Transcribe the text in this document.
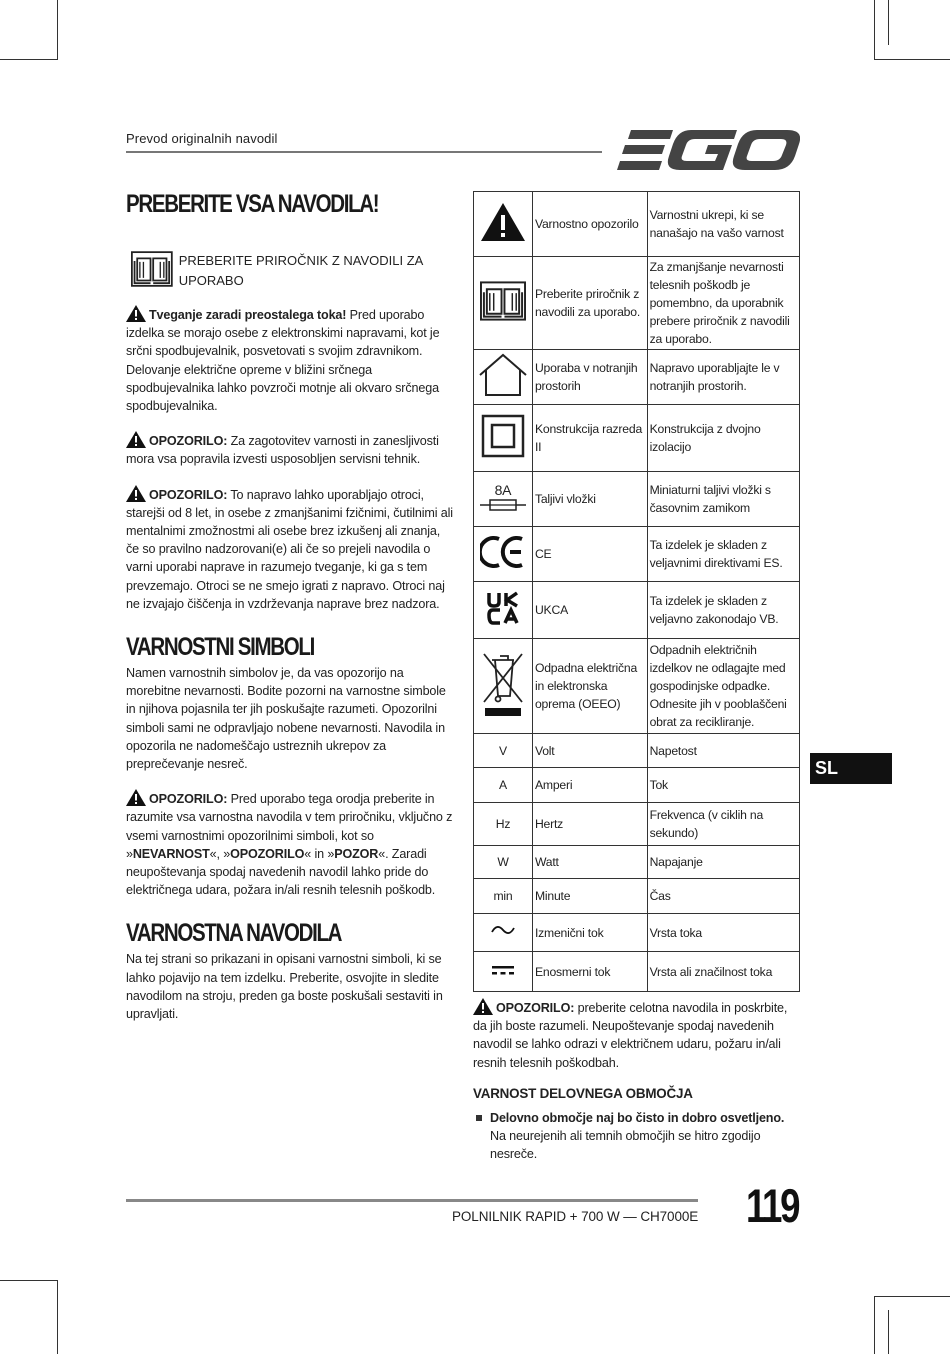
Prevod originalnih navodil
PREBERITE VSA NAVODILA!
PREBERITE PRIROČNIK Z NAVODILI ZA UPORABO

Tveganje zaradi preostalega toka! Pred uporabo izdelka se morajo osebe z elektronskimi napravami, kot je srčni spodbujevalnik, posvetovati s svojim zdravnikom. Delovanje električne opreme v bližini srčnega spodbujevalnika lahko povzroči motnje ali okvaro srčnega spodbujevalnika.

OPOZORILO: Za zagotovitev varnosti in zanesljivosti mora vsa popravila izvesti usposobljen servisni tehnik.

OPOZORILO: To napravo lahko uporabljajo otroci, starejši od 8 let, in osebe z zmanjšanimi fzičnimi, čutilnimi ali mentalnimi zmožnostmi ali osebe brez izkušenj ali znanja, če so pravilno nadzorovani(e) ali če so prejeli navodila o varni uporabi naprave in razumejo tveganje, ki ga s tem prevzemajo. Otroci se ne smejo igrati z napravo. Otroci naj ne izvajajo čiščenja in vzdrževanja naprave brez nadzora.

VARNOSTNI SIMBOLI

Namen varnostnih simbolov je, da vas opozorijo na morebitne nevarnosti. Bodite pozorni na varnostne simbole in njihova pojasnila ter jih poskušajte razumeti. Opozorilni simboli sami ne odpravljajo nobene nevarnosti. Navodila in opozorila ne nadomeščajo ustreznih ukrepov za preprečevanje nesreč.

OPOZORILO: Pred uporabo tega orodja preberite in razumite vsa varnostna navodila v tem priročniku, vključno z vsemi varnostnimi opozorilnimi simboli, kot so »NEVARNOST«, »OPOZORILO« in »POZOR«. Zaradi neupoštevanja spodaj navedenih navodil lahko pride do električnega udara, požara in/ali resnih telesnih poškodb.

VARNOSTNA NAVODILA

Na tej strani so prikazani in opisani varnostni simboli, ki se lahko pojavijo na tem izdelku. Preberite, osvojite in sledite navodilom na stroju, preden ga boste poskušali sestaviti in upravljati.

	Varnostno opozorilo	Varnostni ukrepi, ki se nanašajo na vašo varnost
	Preberite priročnik z navodili za uporabo.	Za zmanjšanje nevarnosti telesnih poškodb je pomembno, da uporabnik prebere priročnik z navodili za uporabo.
	Uporaba v notranjih prostorih	Napravo uporabljajte le v notranjih prostorih.
	Konstrukcija razreda II	Konstrukcija z dvojno izolacijo

8A	Taljivi vložki	Miniaturni taljivi vložki s časovnim zamikom
	CE	Ta izdelek je skladen z veljavnimi direktivami ES.
	UKCA	Ta izdelek je skladen z veljavno zakonodajo VB.
	Odpadna električna in elektronska oprema (OEEO)	Odpadnih električnih izdelkov ne odlagajte med gospodinjske odpadke. Odnesite jih v pooblaščeni obrat za recikliranje.
V	Volt	Napetost
A	Amperi	Tok
Hz	Hertz	Frekvenca (v ciklih na sekundo)
W	Watt	Napajanje
min	Minute	Čas
	Izmenični tok	Vrsta toka
	Enosmerni tok	Vrsta ali značilnost toka

OPOZORILO: preberite celotna navodila in poskrbite, da jih boste razumeli. Neupoštevanje spodaj navedenih navodil se lahko odrazi v električnem udaru, požaru in/ali resnih telesnih poškodbah.

VARNOST DELOVNEGA OBMOČJA

Delovno območje naj bo čisto in dobro osvetljeno. Na neurejenih ali temnih območjih se hitro zgodijo nesreče.

SL
POLNILNIK RAPID + 700 W — CH7000E 119
